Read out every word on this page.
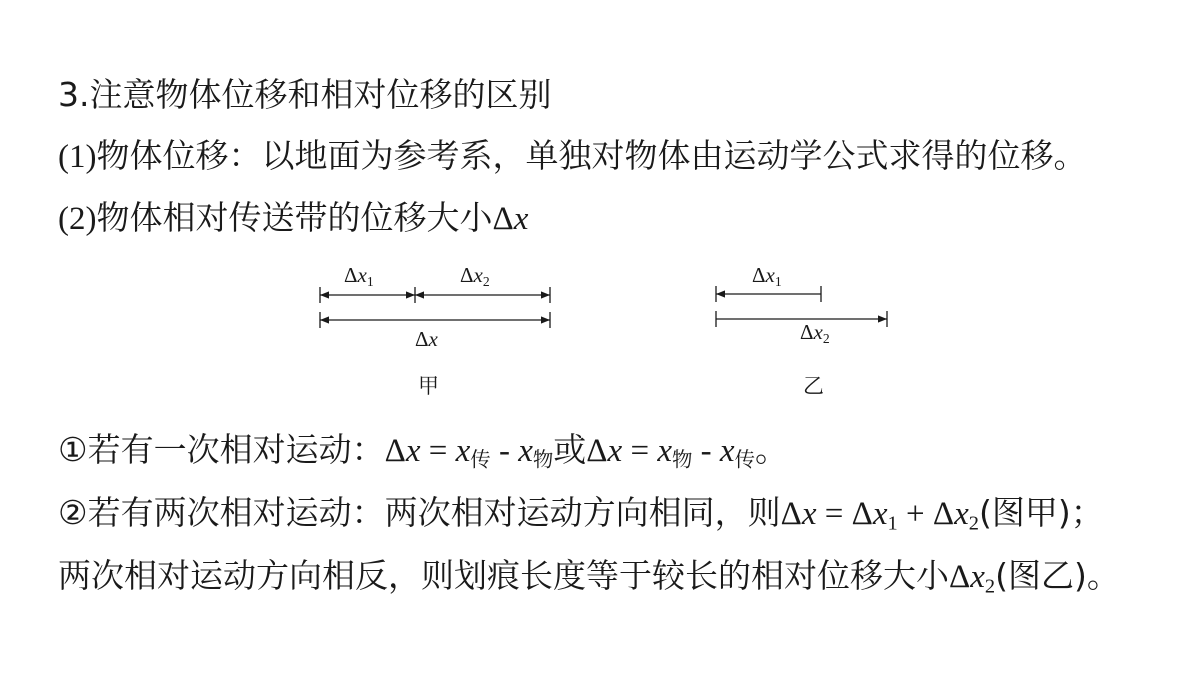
3.注意物体位移和相对位移的区别
(1)物体位移：以地面为参考系，单独对物体由运动学公式求得的位移。
(2)物体相对传送带的位移大小Δx
$\Delta x_1$	$\Delta x_2$
Δx
甲
$\Delta x_1$
$\Delta x_2$
乙
①若有一次相对运动：$\Delta x = x_传 - x_物$或$\Delta x = x_物 - x_传$。
②若有两次相对运动：两次相对运动方向相同，则$\Delta x = \Delta x_1 + \Delta x_2$(图甲)；
两次相对运动方向相反，则划痕长度等于较长的相对位移大小$\Delta x_2$(图乙)。
